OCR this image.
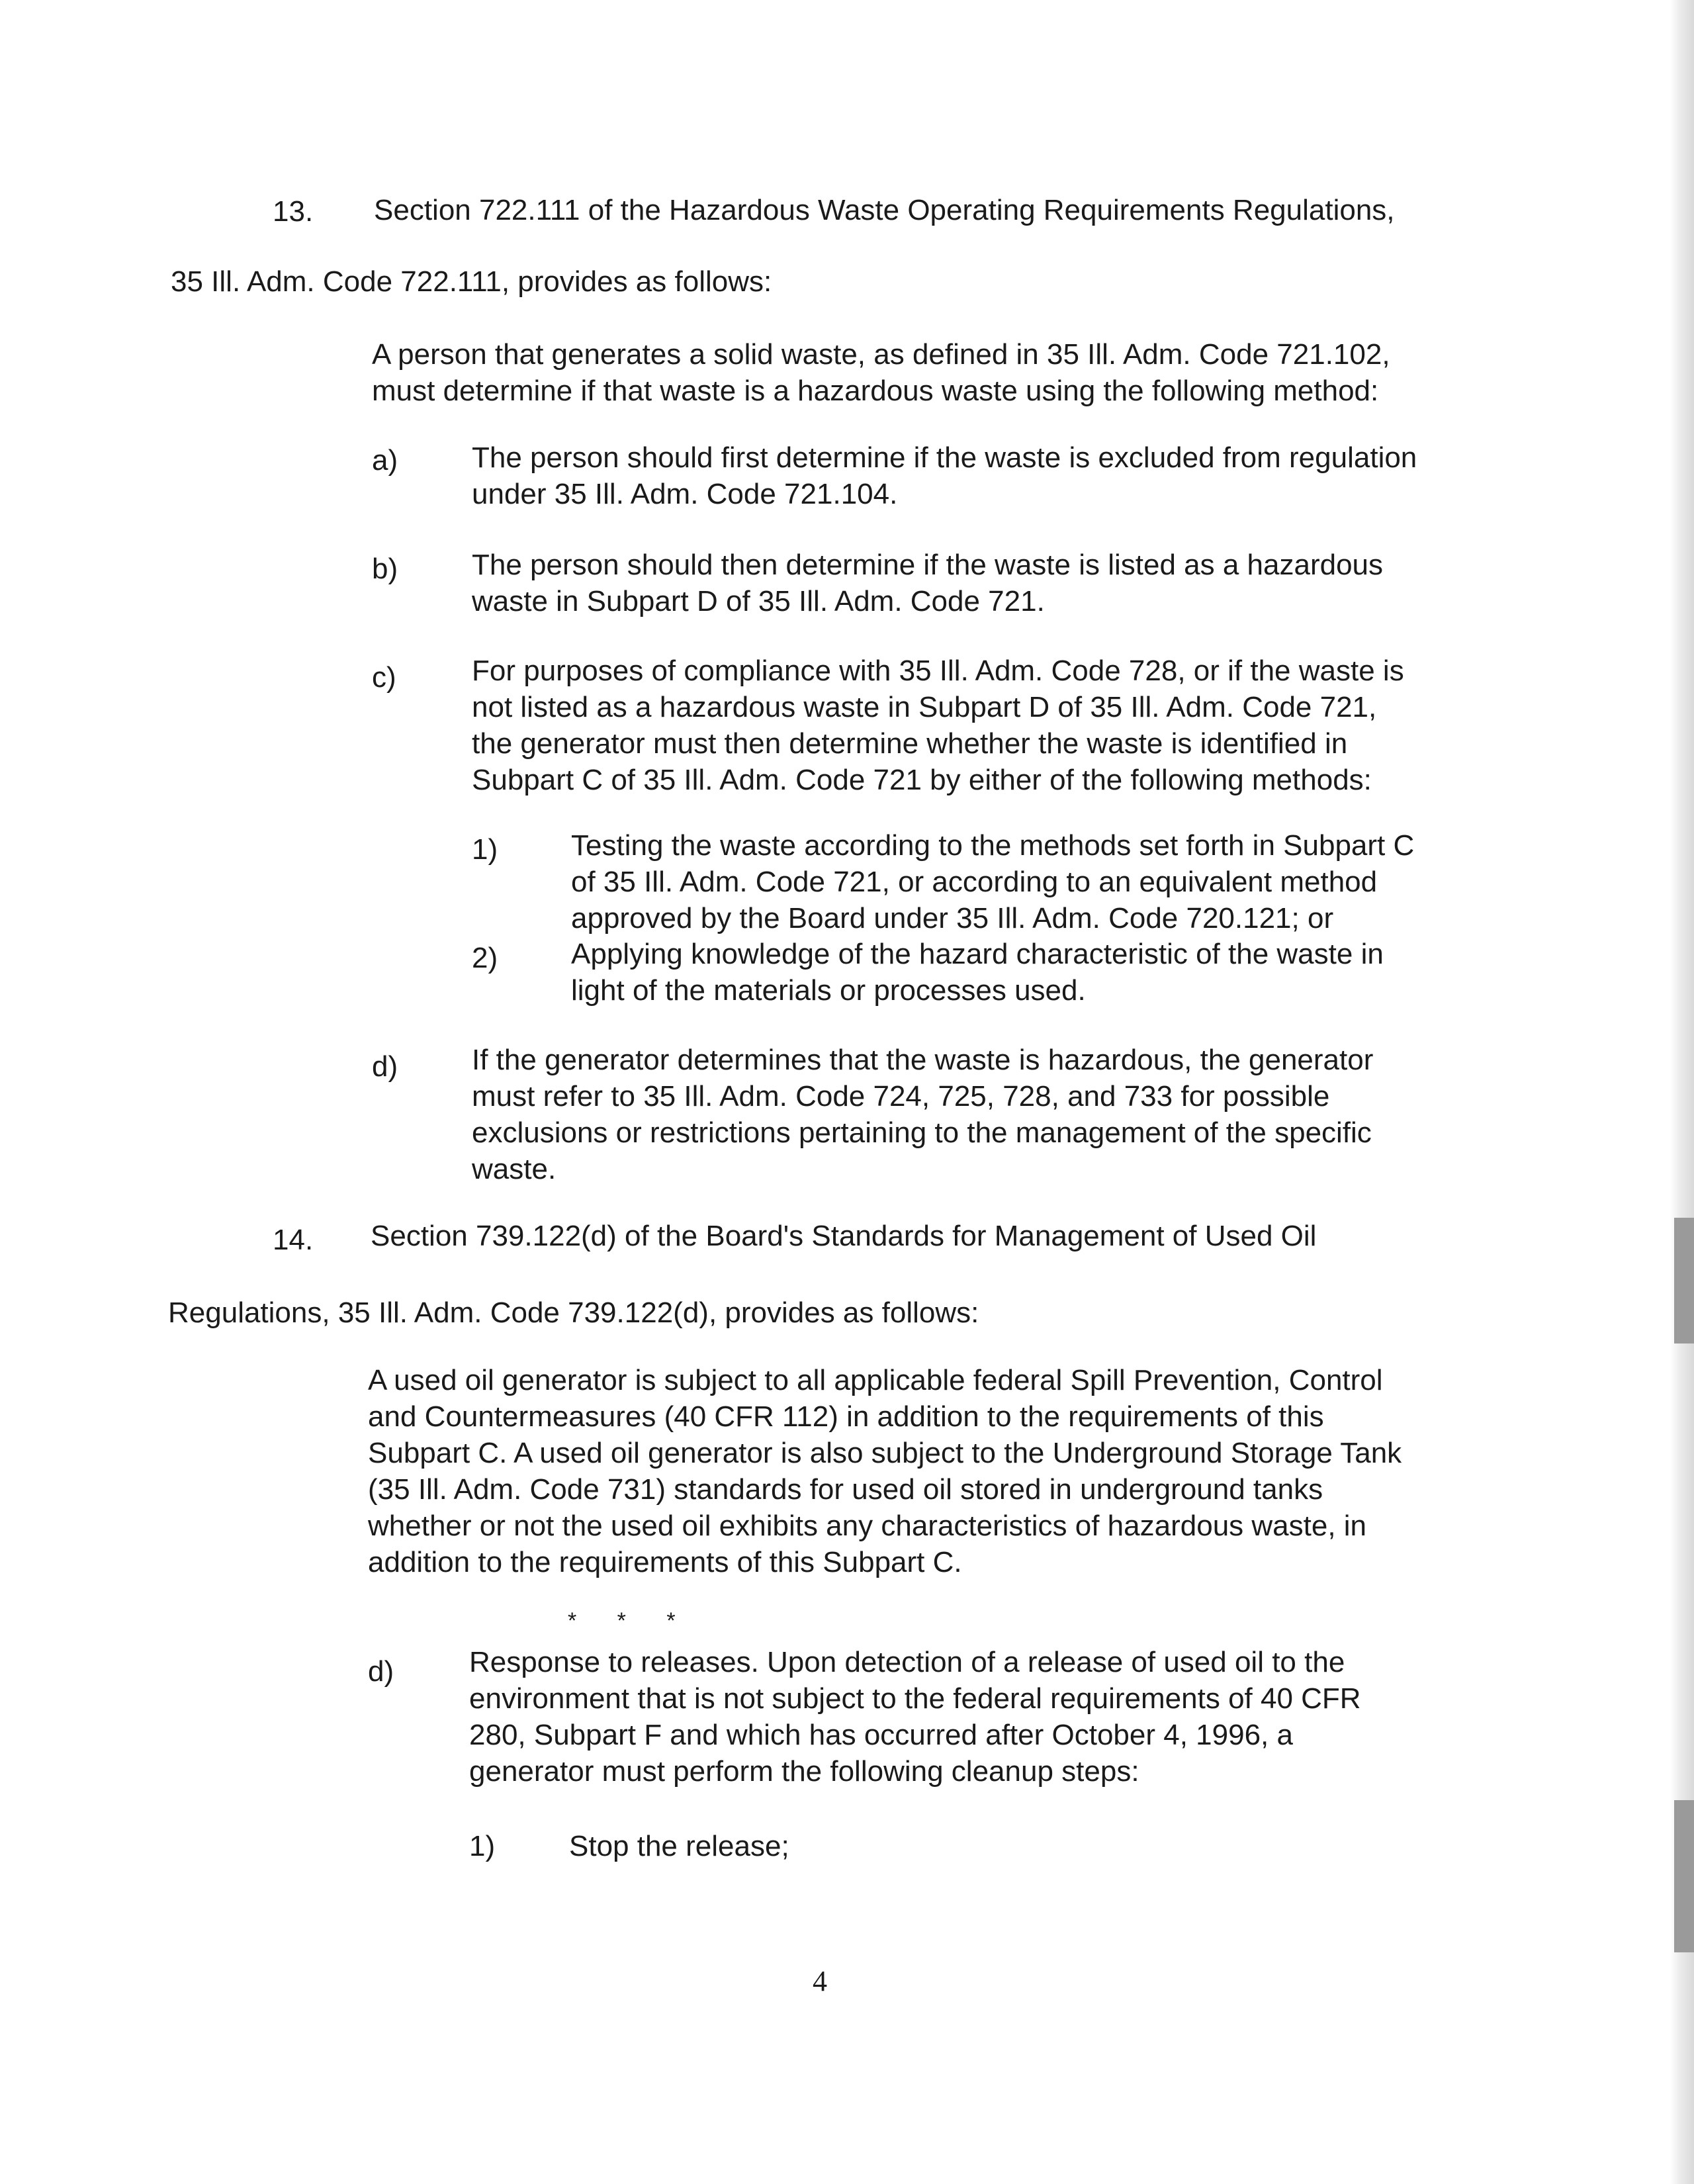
13. Section 722.111 of the Hazardous Waste Operating Requirements Regulations,
35 Ill. Adm. Code 722.111, provides as follows:
A person that generates a solid waste, as defined in 35 Ill. Adm. Code 721.102,
must determine if that waste is a hazardous waste using the following method:
a)	The person should first determine if the waste is excluded from regulation
under 35 Ill. Adm. Code 721.104.
b)	The person should then determine if the waste is listed as a hazardous
waste in Subpart D of 35 Ill. Adm. Code 721.
c)	For purposes of compliance with 35 Ill. Adm. Code 728, or if the waste is
not listed as a hazardous waste in Subpart D of 35 Ill. Adm. Code 721,
the generator must then determine whether the waste is identified in
Subpart C of 35 Ill. Adm. Code 721 by either of the following methods:
1)	Testing the waste according to the methods set forth in Subpart C
of 35 Ill. Adm. Code 721, or according to an equivalent method
approved by the Board under 35 Ill. Adm. Code 720.121; or
2)	Applying knowledge of the hazard characteristic of the waste in
light of the materials or processes used.
d)	If the generator determines that the waste is hazardous, the generator
must refer to 35 Ill. Adm. Code 724, 725, 728, and 733 for possible
exclusions or restrictions pertaining to the management of the specific
waste.
14. Section 739.122(d) of the Board's Standards for Management of Used Oil
Regulations, 35 Ill. Adm. Code 739.122(d), provides as follows:
A used oil generator is subject to all applicable federal Spill Prevention, Control
and Countermeasures (40 CFR 112) in addition to the requirements of this
Subpart C. A used oil generator is also subject to the Underground Storage Tank
(35 Ill. Adm. Code 731) standards for used oil stored in underground tanks
whether or not the used oil exhibits any characteristics of hazardous waste, in
addition to the requirements of this Subpart C.
* * *
d)	Response to releases. Upon detection of a release of used oil to the
environment that is not subject to the federal requirements of 40 CFR
280, Subpart F and which has occurred after October 4, 1996, a
generator must perform the following cleanup steps:
1)	Stop the release;
4
